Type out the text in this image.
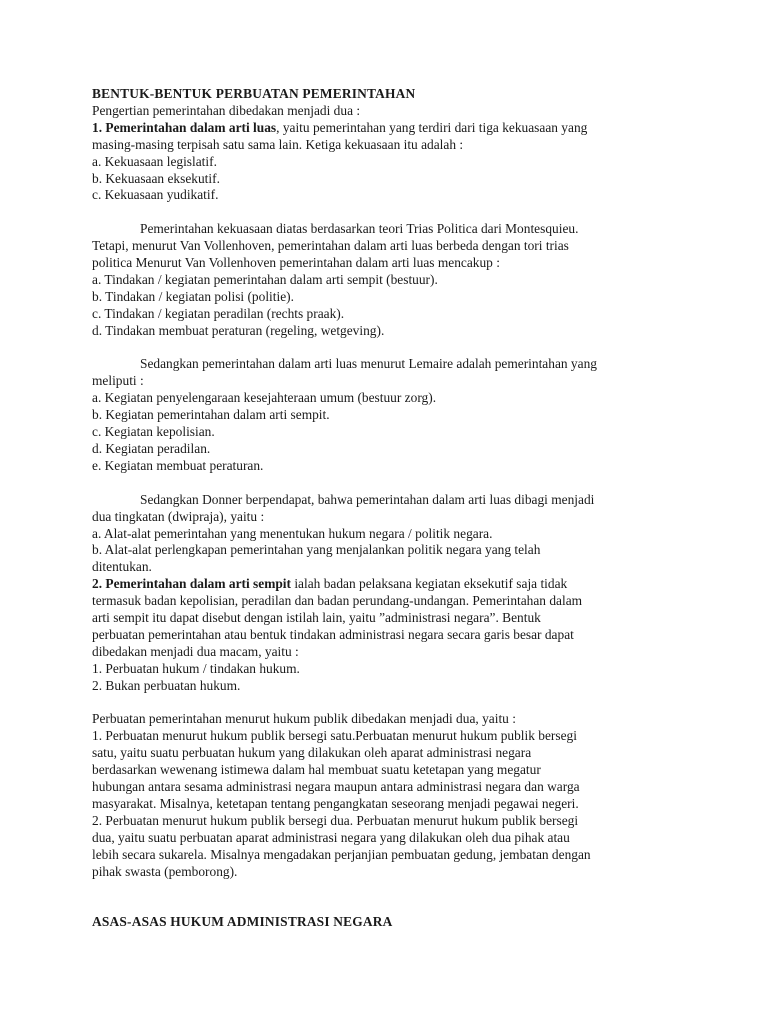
BENTUK-BENTUK PERBUATAN PEMERINTAHAN
Pengertian pemerintahan dibedakan menjadi dua :
1. Pemerintahan dalam arti luas, yaitu pemerintahan yang terdiri dari tiga kekuasaan yang
masing-masing terpisah satu sama lain. Ketiga kekuasaan itu adalah :
a. Kekuasaan legislatif.
b. Kekuasaan eksekutif.
c. Kekuasaan yudikatif.
Pemerintahan kekuasaan diatas berdasarkan teori Trias Politica dari Montesquieu.
Tetapi, menurut Van Vollenhoven, pemerintahan dalam arti luas berbeda dengan tori trias
politica Menurut Van Vollenhoven pemerintahan dalam arti luas mencakup :
a. Tindakan / kegiatan pemerintahan dalam arti sempit (bestuur).
b. Tindakan / kegiatan polisi (politie).
c. Tindakan / kegiatan peradilan (rechts praak).
d. Tindakan membuat peraturan (regeling, wetgeving).
Sedangkan pemerintahan dalam arti luas menurut Lemaire adalah pemerintahan yang
meliputi :
a. Kegiatan penyelengaraan kesejahteraan umum (bestuur zorg).
b. Kegiatan pemerintahan dalam arti sempit.
c. Kegiatan kepolisian.
d. Kegiatan peradilan.
e. Kegiatan membuat peraturan.
Sedangkan Donner berpendapat, bahwa pemerintahan dalam arti luas dibagi menjadi
dua tingkatan (dwipraja), yaitu :
a. Alat-alat pemerintahan yang menentukan hukum negara / politik negara.
b. Alat-alat perlengkapan pemerintahan yang menjalankan politik negara yang telah
ditentukan.
2. Pemerintahan dalam arti sempit ialah badan pelaksana kegiatan eksekutif saja tidak
termasuk badan kepolisian, peradilan dan badan perundang-undangan. Pemerintahan dalam
arti sempit itu dapat disebut dengan istilah lain, yaitu ”administrasi negara”. Bentuk
perbuatan pemerintahan atau bentuk tindakan administrasi negara secara garis besar dapat
dibedakan menjadi dua macam, yaitu :
1. Perbuatan hukum / tindakan hukum.
2. Bukan perbuatan hukum.
Perbuatan pemerintahan menurut hukum publik dibedakan menjadi dua, yaitu :
1. Perbuatan menurut hukum publik bersegi satu.Perbuatan menurut hukum publik bersegi
satu, yaitu suatu perbuatan hukum yang dilakukan oleh aparat administrasi negara
berdasarkan wewenang istimewa dalam hal membuat suatu ketetapan yang megatur
hubungan antara sesama administrasi negara maupun antara administrasi negara dan warga
masyarakat. Misalnya, ketetapan tentang pengangkatan seseorang menjadi pegawai negeri.
2. Perbuatan menurut hukum publik bersegi dua. Perbuatan menurut hukum publik bersegi
dua, yaitu suatu perbuatan aparat administrasi negara yang dilakukan oleh dua pihak atau
lebih secara sukarela. Misalnya mengadakan perjanjian pembuatan gedung, jembatan dengan
pihak swasta (pemborong).
ASAS-ASAS HUKUM ADMINISTRASI NEGARA
